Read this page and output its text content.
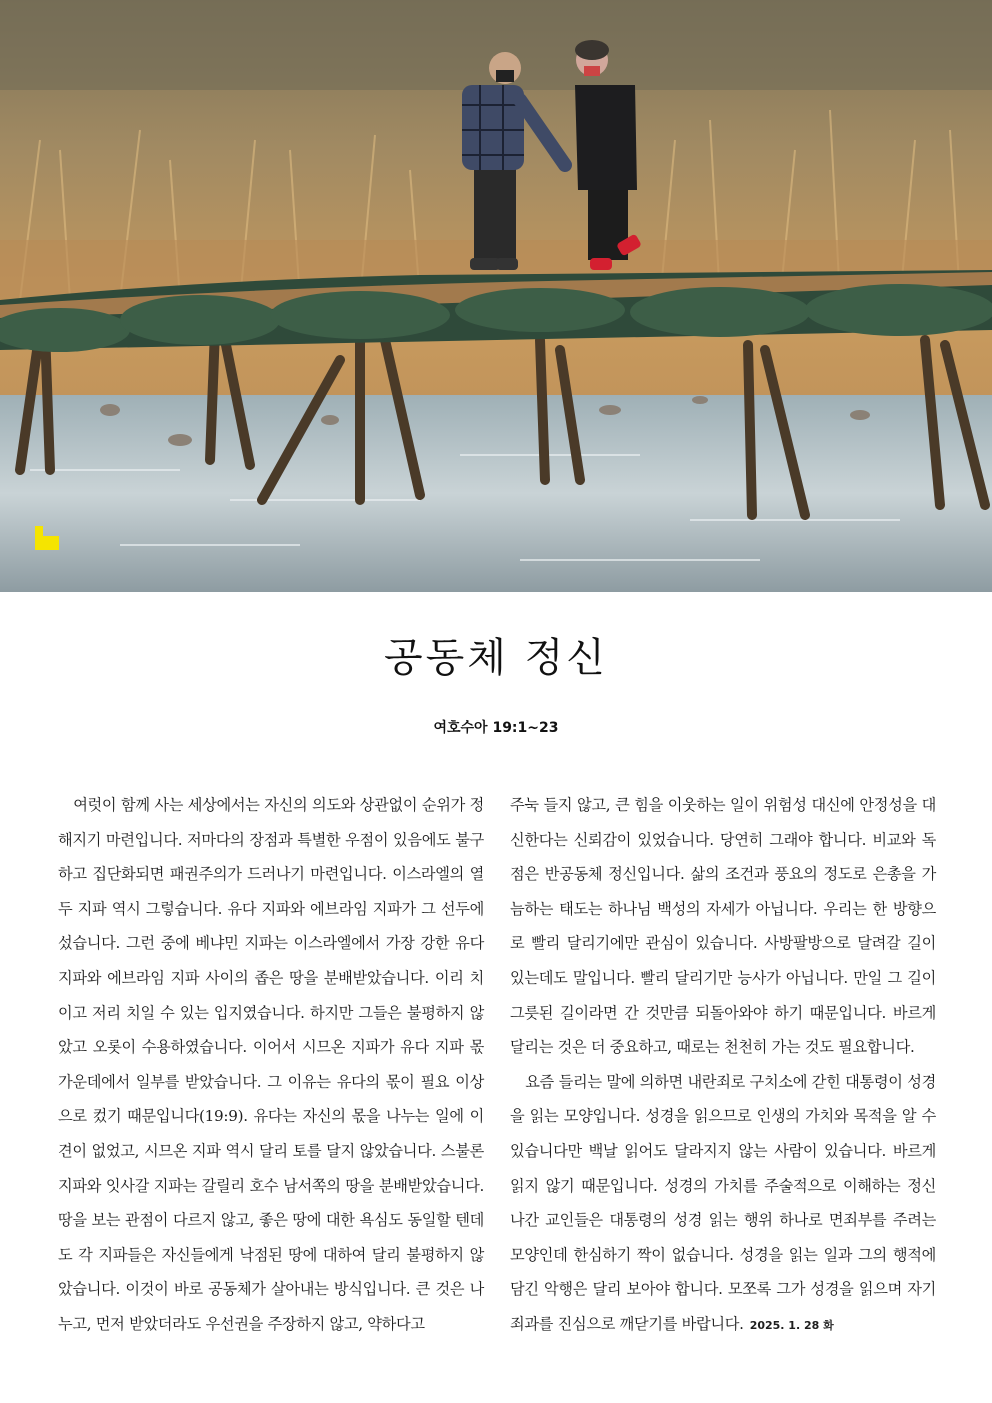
공동체 정신
여호수아 19:1~23

여럿이 함께 사는 세상에서는 자신의 의도와 상관없이 순위가 정해지기 마련입니다. 저마다의 장점과 특별한 우점이 있음에도 불구하고 집단화되면 패권주의가 드러나기 마련입니다. 이스라엘의 열두 지파 역시 그렇습니다. 유다 지파와 에브라임 지파가 그 선두에 섰습니다. 그런 중에 베냐민 지파는 이스라엘에서 가장 강한 유다 지파와 에브라임 지파 사이의 좁은 땅을 분배받았습니다. 이리 치이고 저리 치일 수 있는 입지였습니다. 하지만 그들은 불평하지 않았고 오롯이 수용하였습니다. 이어서 시므온 지파가 유다 지파 몫 가운데에서 일부를 받았습니다. 그 이유는 유다의 몫이 필요 이상으로 컸기 때문입니다(19:9). 유다는 자신의 몫을 나누는 일에 이견이 없었고, 시므온 지파 역시 달리 토를 달지 않았습니다. 스불론 지파와 잇사갈 지파는 갈릴리 호수 남서쪽의 땅을 분배받았습니다. 땅을 보는 관점이 다르지 않고, 좋은 땅에 대한 욕심도 동일할 텐데도 각 지파들은 자신들에게 낙점된 땅에 대하여 달리 불평하지 않았습니다. 이것이 바로 공동체가 살아내는 방식입니다. 큰 것은 나누고, 먼저 받았더라도 우선권을 주장하지 않고, 약하다고

주눅 들지 않고, 큰 힘을 이웃하는 일이 위험성 대신에 안정성을 대신한다는 신뢰감이 있었습니다. 당연히 그래야 합니다. 비교와 독점은 반공동체 정신입니다. 삶의 조건과 풍요의 정도로 은총을 가늠하는 태도는 하나님 백성의 자세가 아닙니다. 우리는 한 방향으로 빨리 달리기에만 관심이 있습니다. 사방팔방으로 달려갈 길이 있는데도 말입니다. 빨리 달리기만 능사가 아닙니다. 만일 그 길이 그릇된 길이라면 간 것만큼 되돌아와야 하기 때문입니다. 바르게 달리는 것은 더 중요하고, 때로는 천천히 가는 것도 필요합니다.

요즘 들리는 말에 의하면 내란죄로 구치소에 갇힌 대통령이 성경을 읽는 모양입니다. 성경을 읽으므로 인생의 가치와 목적을 알 수 있습니다만 백날 읽어도 달라지지 않는 사람이 있습니다. 바르게 읽지 않기 때문입니다. 성경의 가치를 주술적으로 이해하는 정신 나간 교인들은 대통령의 성경 읽는 행위 하나로 면죄부를 주려는 모양인데 한심하기 짝이 없습니다. 성경을 읽는 일과 그의 행적에 담긴 악행은 달리 보아야 합니다. 모쪼록 그가 성경을 읽으며 자기 죄과를 진심으로 깨닫기를 바랍니다. 2025. 1. 28 화
